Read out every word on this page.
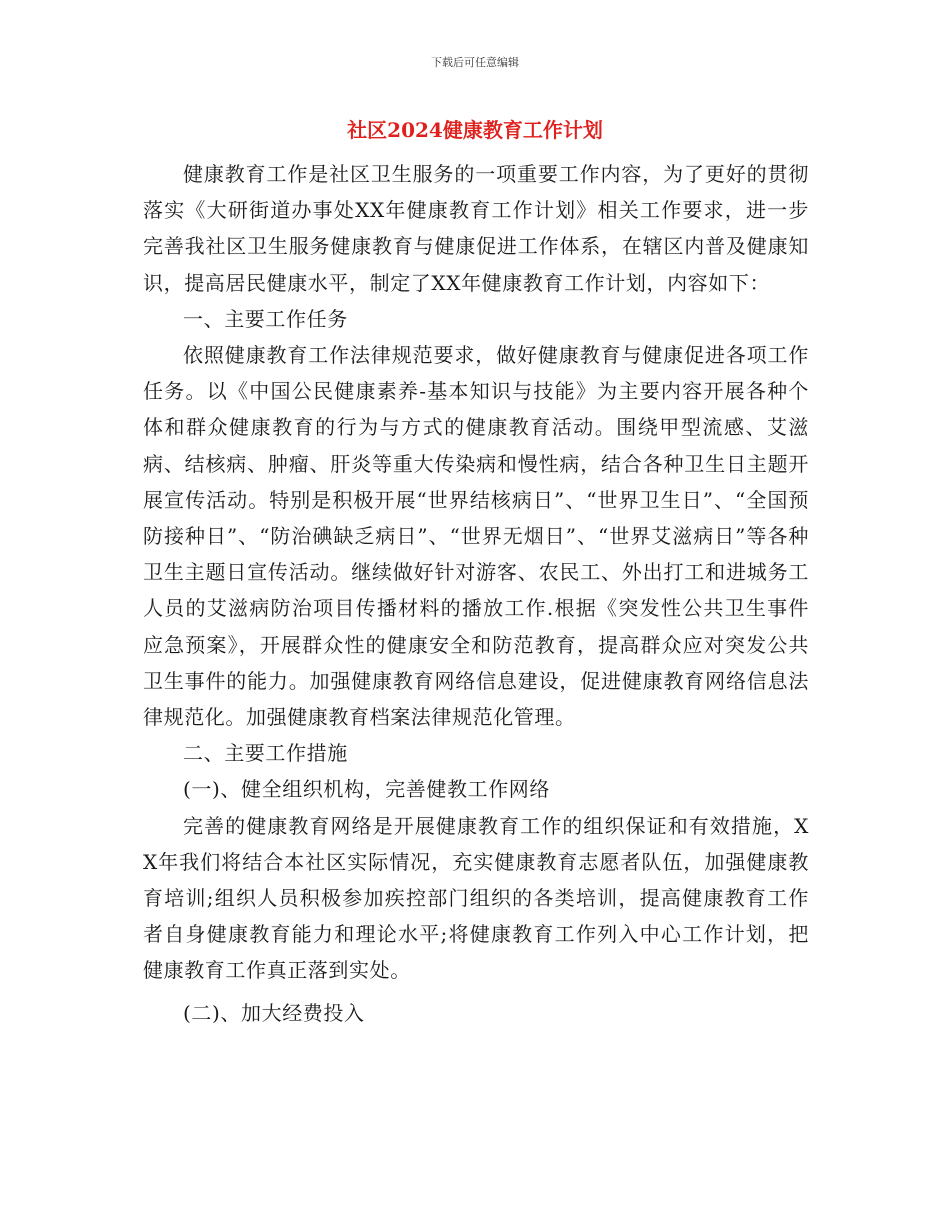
下载后可任意编辑
社区2024健康教育工作计划

健康教育工作是社区卫生服务的一项重要工作内容，为了更好的贯彻落实《大研街道办事处XX年健康教育工作计划》相关工作要求，进一步完善我社区卫生服务健康教育与健康促进工作体系，在辖区内普及健康知识，提高居民健康水平，制定了XX年健康教育工作计划，内容如下：

一、主要工作任务

依照健康教育工作法律规范要求，做好健康教育与健康促进各项工作任务。以《中国公民健康素养-基本知识与技能》为主要内容开展各种个体和群众健康教育的行为与方式的健康教育活动。围绕甲型流感、艾滋病、结核病、肿瘤、肝炎等重大传染病和慢性病，结合各种卫生日主题开展宣传活动。特别是积极开展“世界结核病日”、“世界卫生日”、“全国预防接种日”、“防治碘缺乏病日”、“世界无烟日”、“世界艾滋病日”等各种卫生主题日宣传活动。继续做好针对游客、农民工、外出打工和进城务工人员的艾滋病防治项目传播材料的播放工作.根据《突发性公共卫生事件应急预案》，开展群众性的健康安全和防范教育，提高群众应对突发公共卫生事件的能力。加强健康教育网络信息建设，促进健康教育网络信息法律规范化。加强健康教育档案法律规范化管理。

二、主要工作措施

(一)、健全组织机构，完善健教工作网络

完善的健康教育网络是开展健康教育工作的组织保证和有效措施，XX年我们将结合本社区实际情况，充实健康教育志愿者队伍，加强健康教育培训;组织人员积极参加疾控部门组织的各类培训，提高健康教育工作者自身健康教育能力和理论水平;将健康教育工作列入中心工作计划，把健康教育工作真正落到实处。

(二)、加大经费投入
